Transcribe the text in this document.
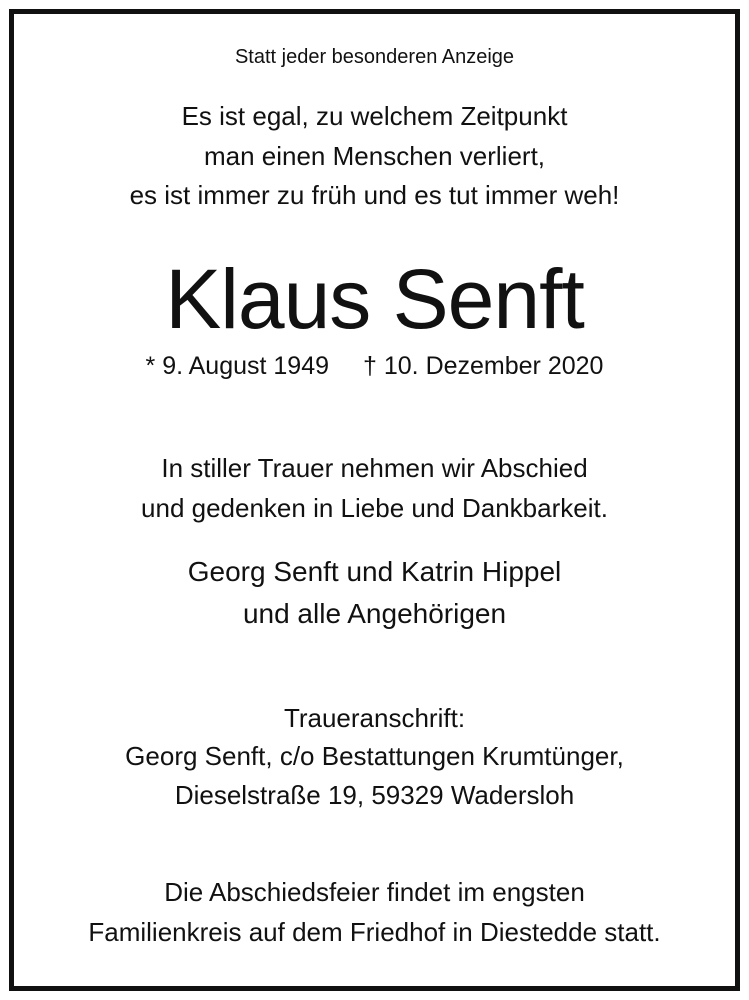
Statt jeder besonderen Anzeige
Es ist egal, zu welchem Zeitpunkt
man einen Menschen verliert,
es ist immer zu früh und es tut immer weh!
Klaus Senft
* 9. August 1949 † 10. Dezember 2020
In stiller Trauer nehmen wir Abschied
und gedenken in Liebe und Dankbarkeit.
Georg Senft und Katrin Hippel
und alle Angehörigen
Traueranschrift:
Georg Senft, c/o Bestattungen Krumtünger,
Dieselstraße 19, 59329 Wadersloh
Die Abschiedsfeier findet im engsten
Familienkreis auf dem Friedhof in Diestedde statt.
